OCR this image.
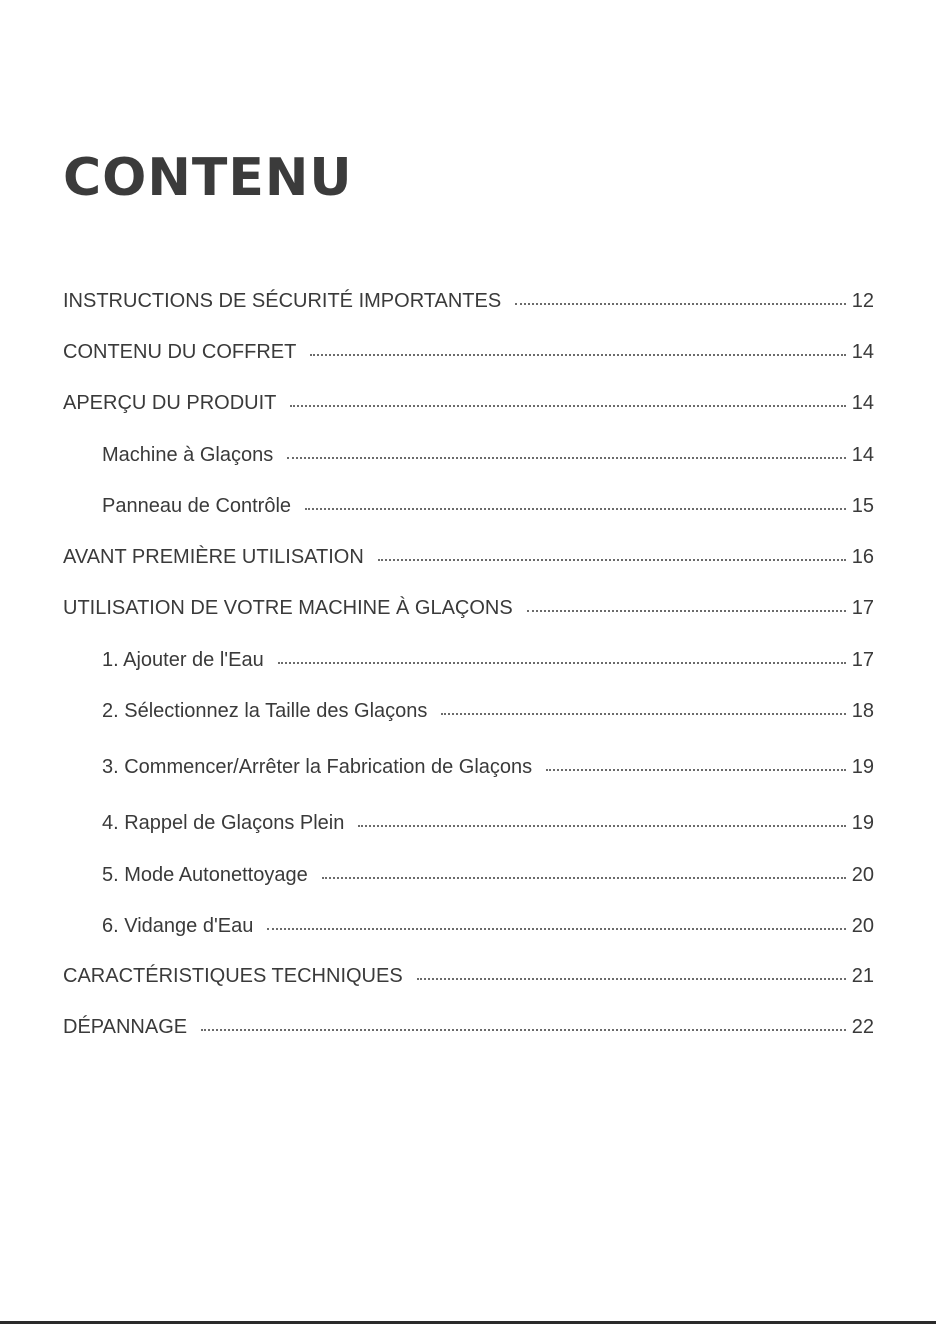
CONTENU
INSTRUCTIONS DE SÉCURITÉ IMPORTANTES	12
CONTENU DU COFFRET	14
APERÇU DU PRODUIT	14
Machine à Glaçons	14
Panneau de Contrôle	15
AVANT PREMIÈRE UTILISATION	16
UTILISATION DE VOTRE MACHINE À GLAÇONS	17
1. Ajouter de l'Eau	17
2. Sélectionnez la Taille des Glaçons	18
3. Commencer/Arrêter la Fabrication de Glaçons	19
4. Rappel de Glaçons Plein	19
5. Mode Autonettoyage	20
6. Vidange d'Eau	20
CARACTÉRISTIQUES TECHNIQUES	21
DÉPANNAGE	22
